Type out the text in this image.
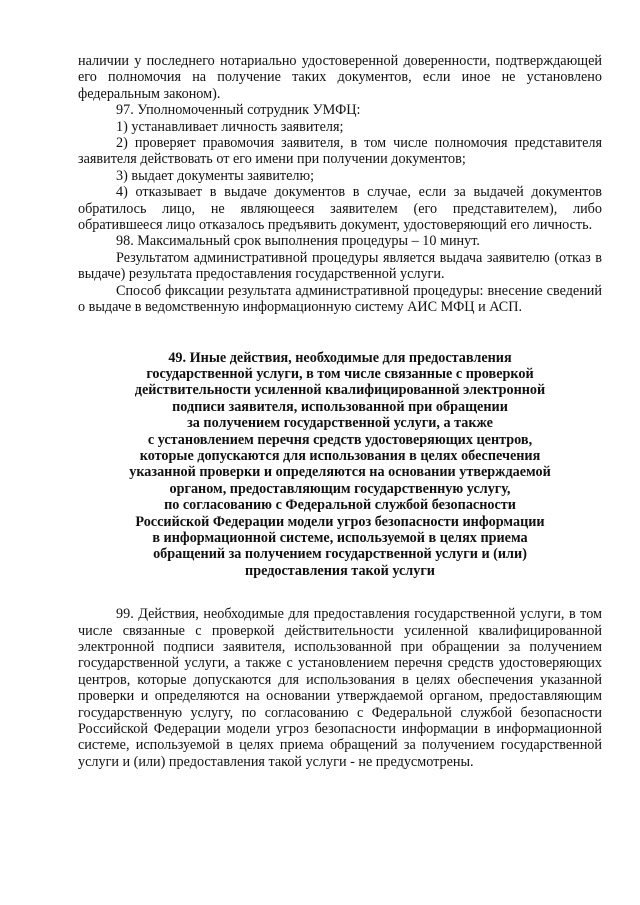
наличии у последнего нотариально удостоверенной доверенности, подтверждающей его полномочия на получение таких документов, если иное не установлено федеральным законом).

97. Уполномоченный сотрудник УМФЦ:

1) устанавливает личность заявителя;

2) проверяет правомочия заявителя, в том числе полномочия представителя заявителя действовать от его имени при получении документов;

3) выдает документы заявителю;

4) отказывает в выдаче документов в случае, если за выдачей документов обратилось лицо, не являющееся заявителем (его представителем), либо обратившееся лицо отказалось предъявить документ, удостоверяющий его личность.

98. Максимальный срок выполнения процедуры – 10 минут.

Результатом административной процедуры является выдача заявителю (отказ в выдаче) результата предоставления государственной услуги.

Способ фиксации результата административной процедуры: внесение сведений о выдаче в ведомственную информационную систему АИС МФЦ и АСП.

49. Иные действия, необходимые для предоставления

государственной услуги, в том числе связанные с проверкой

действительности усиленной квалифицированной электронной

подписи заявителя, использованной при обращении

за получением государственной услуги, а также

с установлением перечня средств удостоверяющих центров,

которые допускаются для использования в целях обеспечения

указанной проверки и определяются на основании утверждаемой

органом, предоставляющим государственную услугу,

по согласованию с Федеральной службой безопасности

Российской Федерации модели угроз безопасности информации

в информационной системе, используемой в целях приема

обращений за получением государственной услуги и (или)

предоставления такой услуги

99. Действия, необходимые для предоставления государственной услуги, в том числе связанные с проверкой действительности усиленной квалифицированной электронной подписи заявителя, использованной при обращении за получением государственной услуги, а также с установлением перечня средств удостоверяющих центров, которые допускаются для использования в целях обеспечения указанной проверки и определяются на основании утверждаемой органом, предоставляющим государственную услугу, по согласованию с Федеральной службой безопасности Российской Федерации модели угроз безопасности информации в информационной системе, используемой в целях приема обращений за получением государственной услуги и (или) предоставления такой услуги - не предусмотрены.
